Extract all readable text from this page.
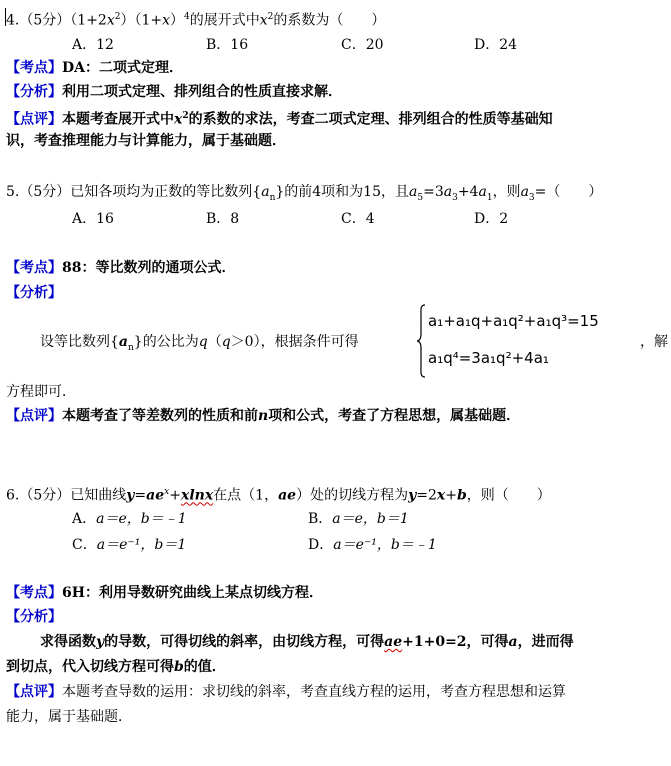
4.（5分）$(1+2x^2)(1+x)^4$的展开式中$x^2$的系数为（　　）
A．12	B．16	C．20	D．24
【考点】DA：二项式定理．
【分析】利用二项式定理、排列组合的性质直接求解．
【点评】本题考查展开式中$x^2$的系数的求法，考查二项式定理、排列组合的性质等基础知
识，考查推理能力与计算能力，属于基础题．
5.（5分）已知各项均为正数的等比数列$\{a_n\}$的前4项和为15，且$a_5=3a_3+4a_1$，则$a_3=$（　　）
A．16	B．8	C．4	D．2
【考点】88：等比数列的通项公式．
【分析】
设等比数列$\{a_n\}$的公比为q（q＞0），根据条件可得
a₁+a₁q+a₁q²+a₁q³=15
a₁q⁴=3a₁q²+4a₁
，解
方程即可．
【点评】本题考查了等差数列的性质和前n项和公式，考查了方程思想，属基础题．
6.（5分）已知曲线$y=ae^x+xlnx$在点（1，ae）处的切线方程为y=2x+b，则（　　）
A．a＝e，b＝﹣1	B．a＝e，b＝1
C．a＝e⁻¹，b＝1	D．a＝e⁻¹，b＝﹣1
【考点】6H：利用导数研究曲线上某点切线方程．
【分析】
求得函数y的导数，可得切线的斜率，由切线方程，可得ae+1+0=2，可得a，进而得
到切点，代入切线方程可得b的值．
【点评】本题考查导数的运用：求切线的斜率，考查直线方程的运用，考查方程思想和运算
能力，属于基础题．
